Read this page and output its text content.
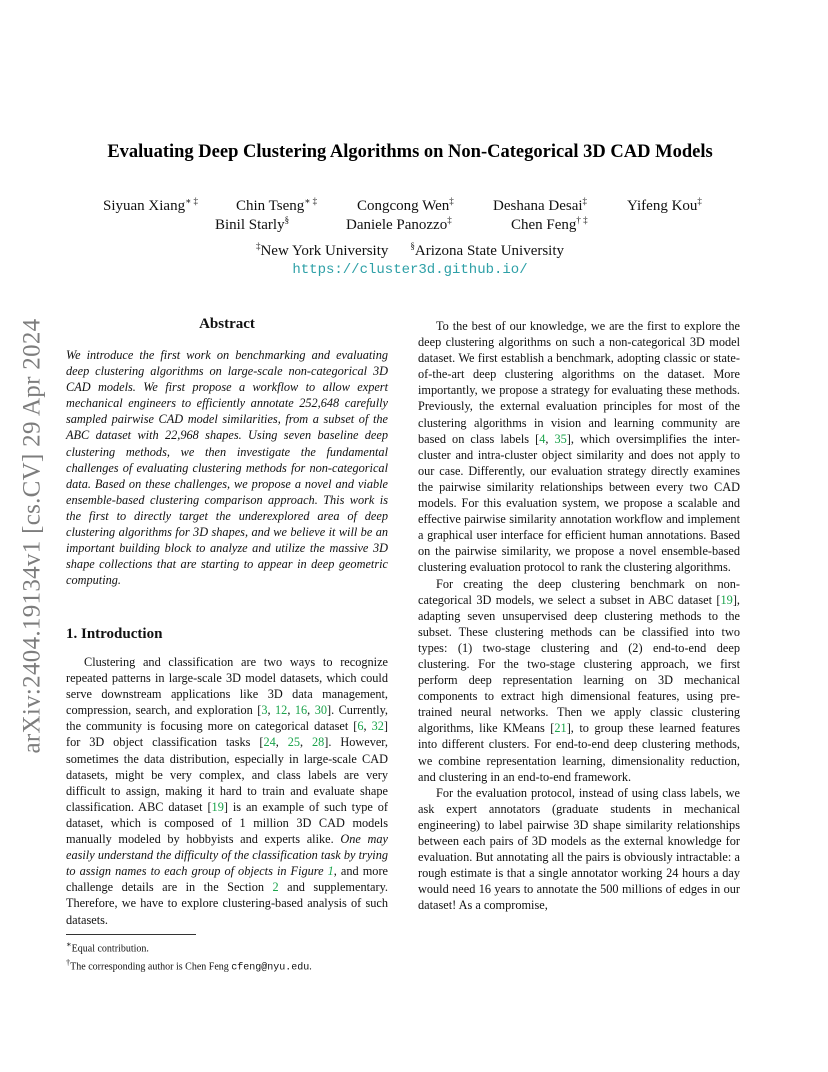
arXiv:2404.19134v1 [cs.CV] 29 Apr 2024
Evaluating Deep Clustering Algorithms on Non-Categorical 3D CAD Models
Siyuan Xiang∗ ‡	Chin Tseng∗ ‡	Congcong Wen‡	Deshana Desai‡	Yifeng Kou‡
Binil Starly§	Daniele Panozzo‡	Chen Feng† ‡
‡New York University §Arizona State University
https://cluster3d.github.io/
Abstract
We introduce the first work on benchmarking and evaluating deep clustering algorithms on large-scale non-categorical 3D CAD models. We first propose a workflow to allow expert mechanical engineers to efficiently annotate 252,648 carefully sampled pairwise CAD model similarities, from a subset of the ABC dataset with 22,968 shapes. Using seven baseline deep clustering methods, we then investigate the fundamental challenges of evaluating clustering methods for non-categorical data. Based on these challenges, we propose a novel and viable ensemble-based clustering comparison approach. This work is the first to directly target the underexplored area of deep clustering algorithms for 3D shapes, and we believe it will be an important building block to analyze and utilize the massive 3D shape collections that are starting to appear in deep geometric computing.
1. Introduction

Clustering and classification are two ways to recognize repeated patterns in large-scale 3D model datasets, which could serve downstream applications like 3D data management, compression, search, and exploration [3, 12, 16, 30]. Currently, the community is focusing more on categorical dataset [6, 32] for 3D object classification tasks [24, 25, 28]. However, sometimes the data distribution, especially in large-scale CAD datasets, might be very complex, and class labels are very difficult to assign, making it hard to train and evaluate shape classification. ABC dataset [19] is an example of such type of dataset, which is composed of 1 million 3D CAD models manually modeled by hobbyists and experts alike. One may easily understand the difficulty of the classification task by trying to assign names to each group of objects in Figure 1, and more challenge details are in the Section 2 and supplementary. Therefore, we have to explore clustering-based analysis of such datasets.

To the best of our knowledge, we are the first to explore the deep clustering algorithms on such a non-categorical 3D model dataset. We first establish a benchmark, adopting classic or state-of-the-art deep clustering algorithms on the dataset. More importantly, we propose a strategy for evaluating these methods. Previously, the external evaluation principles for most of the clustering algorithms in vision and learning community are based on class labels [4, 35], which oversimplifies the inter-cluster and intra-cluster object similarity and does not apply to our case. Differently, our evaluation strategy directly examines the pairwise similarity relationships between every two CAD models. For this evaluation system, we propose a scalable and effective pairwise similarity annotation workflow and implement a graphical user interface for efficient human annotations. Based on the pairwise similarity, we propose a novel ensemble-based clustering evaluation protocol to rank the clustering algorithms.

For creating the deep clustering benchmark on non-categorical 3D models, we select a subset in ABC dataset [19], adapting seven unsupervised deep clustering methods to the subset. These clustering methods can be classified into two types: (1) two-stage clustering and (2) end-to-end deep clustering. For the two-stage clustering approach, we first perform deep representation learning on 3D mechanical components to extract high dimensional features, using pre-trained neural networks. Then we apply classic clustering algorithms, like KMeans [21], to group these learned features into different clusters. For end-to-end deep clustering methods, we combine representation learning, dimensionality reduction, and clustering in an end-to-end framework.

For the evaluation protocol, instead of using class labels, we ask expert annotators (graduate students in mechanical engineering) to label pairwise 3D shape similarity relationships between each pairs of 3D models as the external knowledge for evaluation. But annotating all the pairs is obviously intractable: a rough estimate is that a single annotator working 24 hours a day would need 16 years to annotate the 500 millions of edges in our dataset! As a compromise,

∗Equal contribution.
†The corresponding author is Chen Feng cfeng@nyu.edu.
